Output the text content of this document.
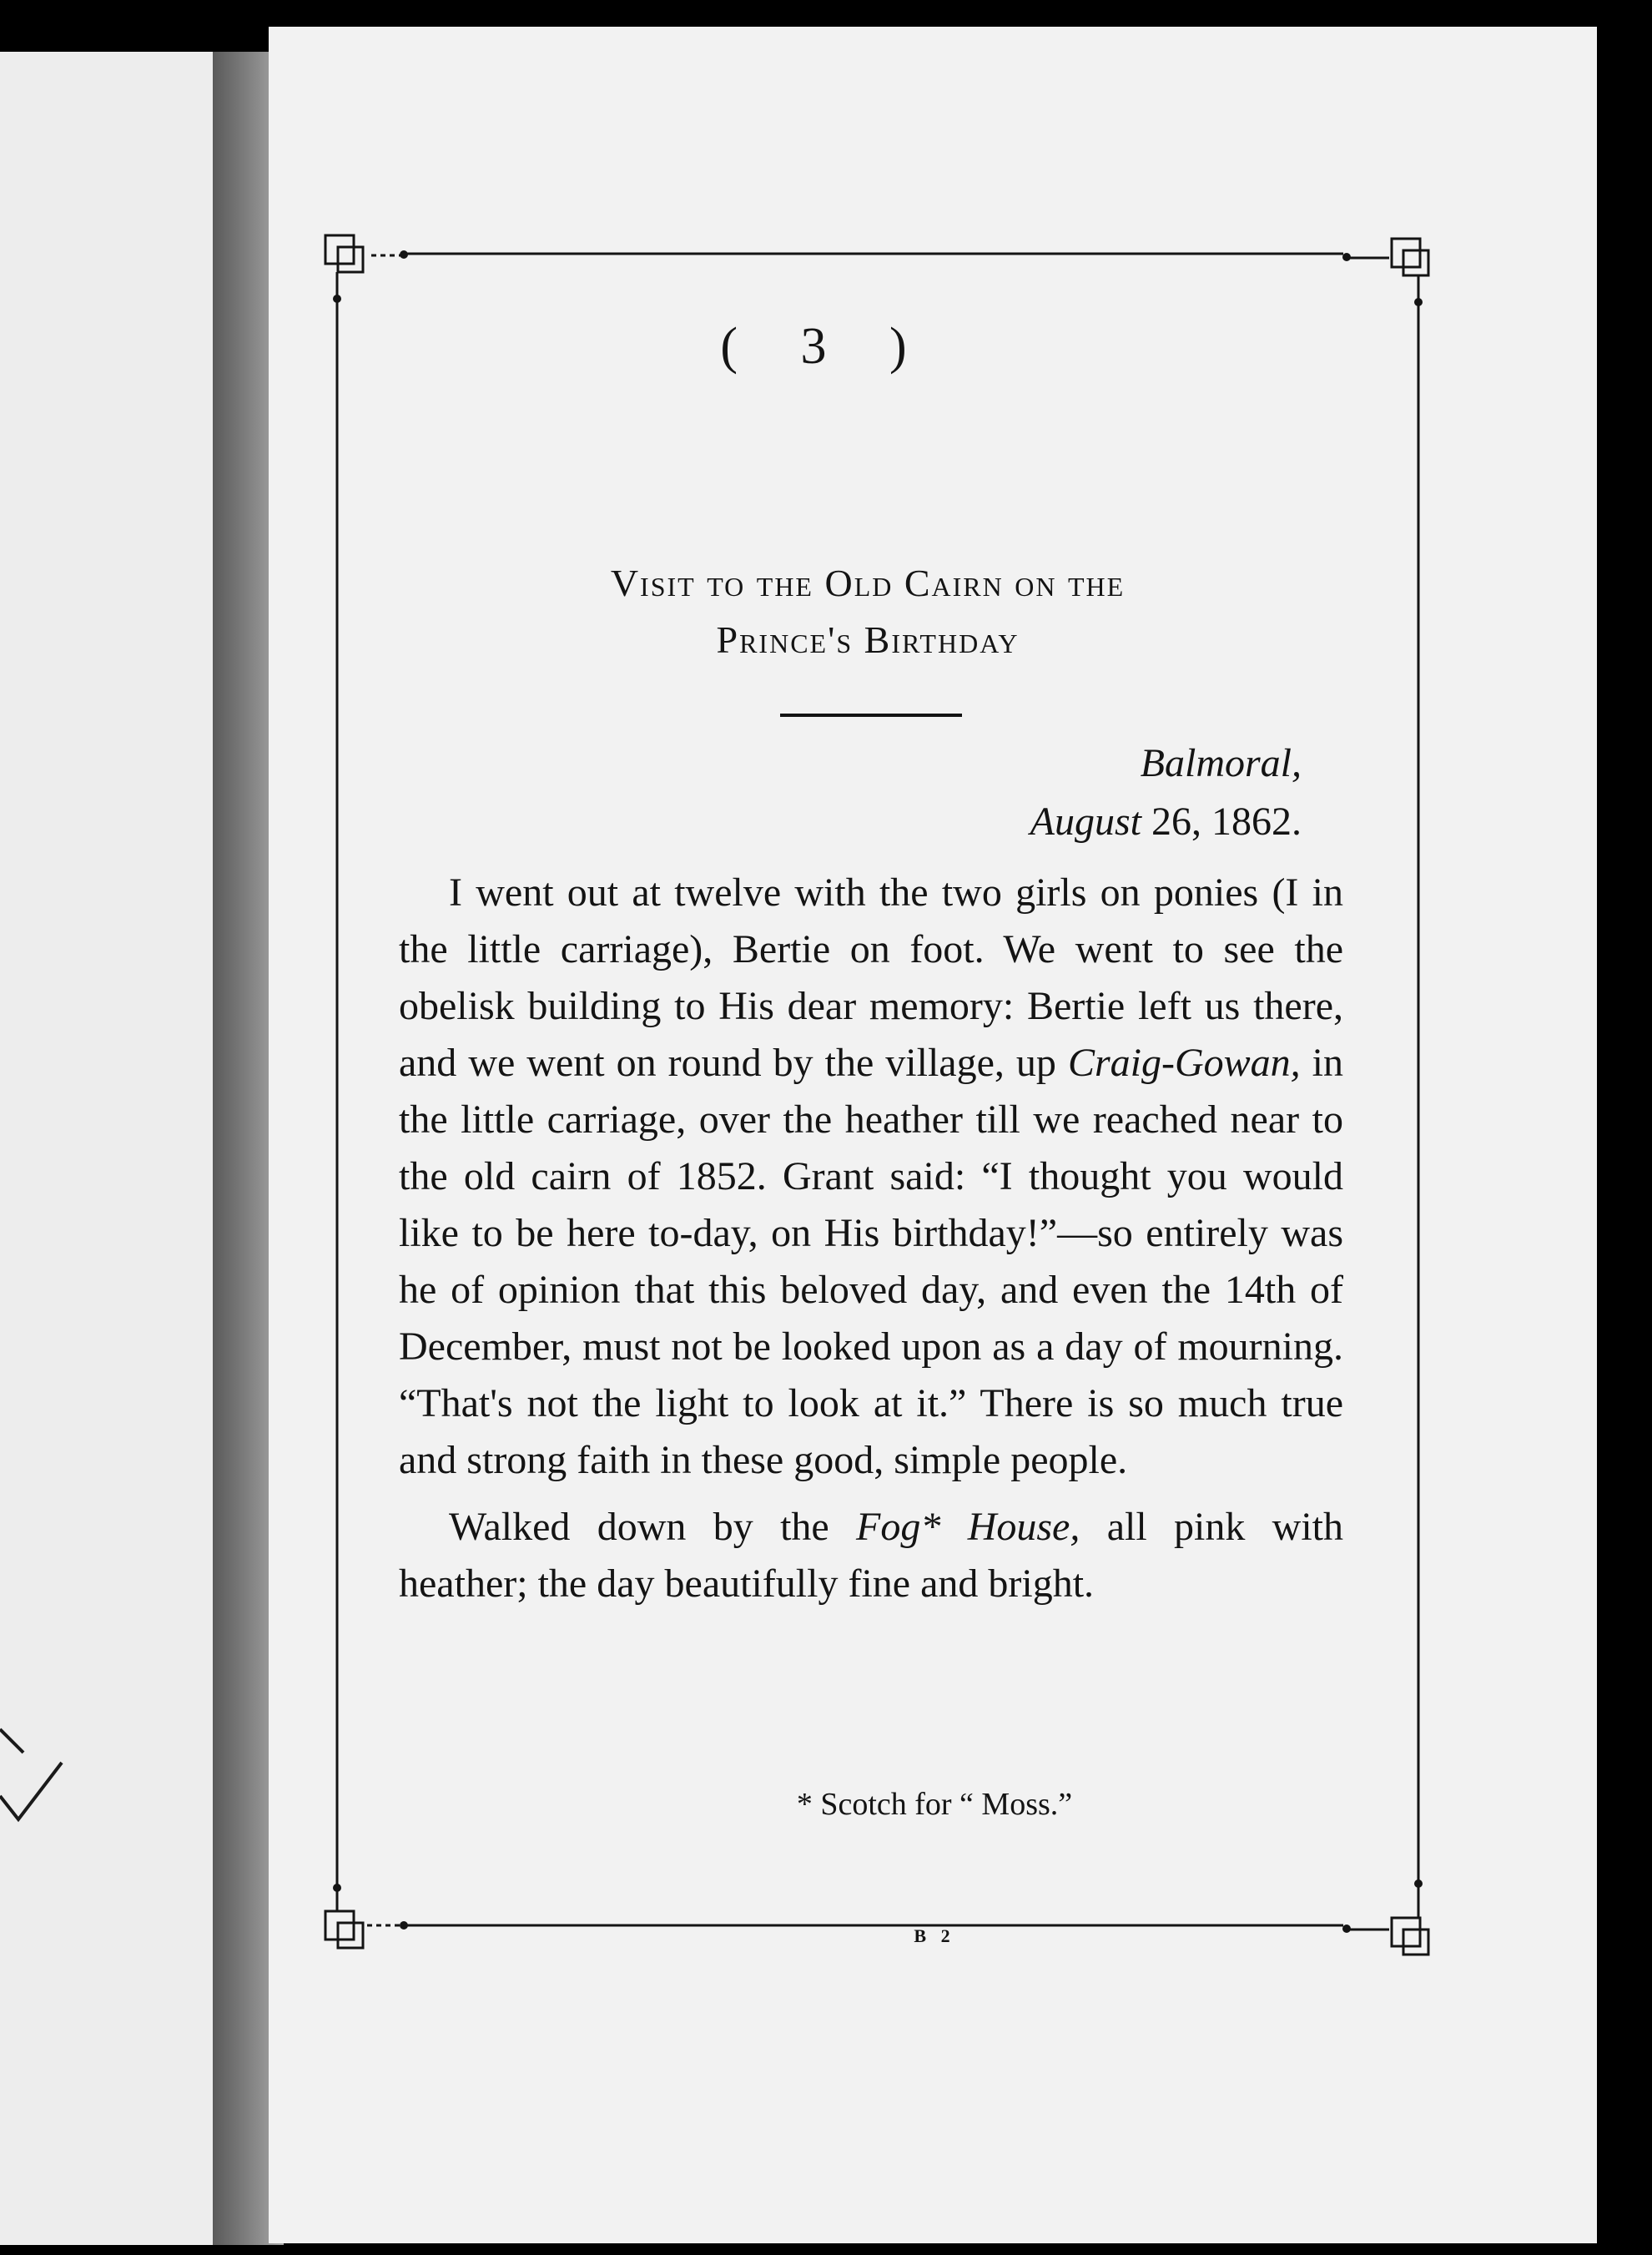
( 3 )
Visit to the Old Cairn on the
Prince's Birthday
Balmoral,
August 26, 1862.

I went out at twelve with the two girls on ponies (I in the little carriage), Bertie on foot. We went to see the obelisk building to His dear memory: Bertie left us there, and we went on round by the village, up Craig-Gowan, in the little carriage, over the heather till we reached near to the old cairn of 1852. Grant said: “I thought you would like to be here to-day, on His birthday!”—so entirely was he of opinion that this beloved day, and even the 14th of December, must not be looked upon as a day of mourning. “That's not the light to look at it.” There is so much true and strong faith in these good, simple people.

Walked down by the Fog* House, all pink with heather; the day beautifully fine and bright.

* Scotch for “ Moss.”
B 2
